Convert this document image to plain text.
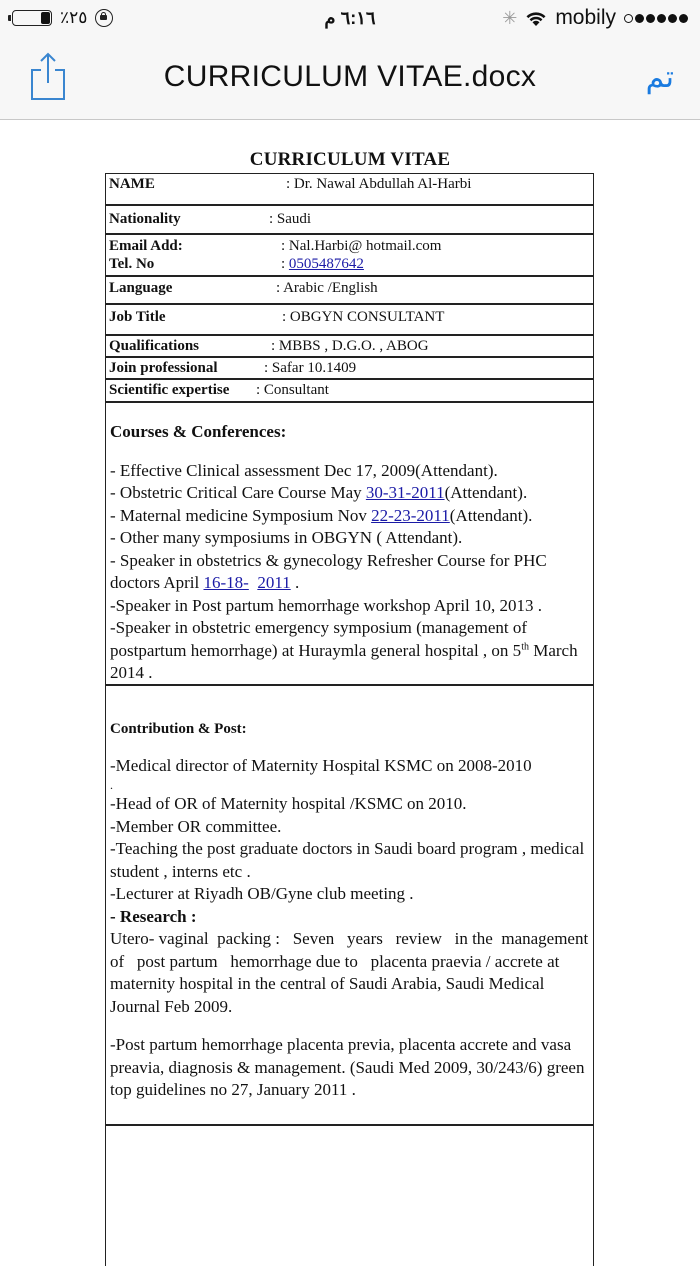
٪٢٥	٦:١٦ م	✳ mobily
CURRICULUM VITAE.docx	تم
CURRICULUM VITAE
NAME	: Dr. Nawal Abdullah Al-Harbi
Nationality	: Saudi
Email Add:	: Nal.Harbi@ hotmail.com
Tel. No	: 0505487642
Language	: Arabic /English
Job Title	: OBGYN CONSULTANT
Qualifications	: MBBS , D.G.O. , ABOG
Join professional	: Safar 10.1409
Scientific expertise : Consultant

Courses & Conferences:

- Effective Clinical assessment Dec 17, 2009(Attendant).

- Obstetric Critical Care Course May 30-31-2011(Attendant).

- Maternal medicine Symposium Nov 22-23-2011(Attendant).

- Other many symposiums in OBGYN ( Attendant).

- Speaker in obstetrics & gynecology Refresher Course for PHC doctors April 16-18- 2011 .

-Speaker in Post partum hemorrhage workshop April 10, 2013 .

-Speaker in obstetric emergency symposium (management of postpartum hemorrhage) at Huraymla general hospital , on 5th March 2014 .

Contribution & Post:

-Medical director of Maternity Hospital KSMC on 2008-2010

.

-Head of OR of Maternity hospital /KSMC on 2010.

-Member OR committee.

-Teaching the post graduate doctors in Saudi board program , medical student , interns etc .

-Lecturer at Riyadh OB/Gyne club meeting .

- Research :

Utero- vaginal  packing :   Seven   years   review   in the  management  of   post partum   hemorrhage due to   placenta praevia / accrete at maternity hospital in the central of Saudi Arabia, Saudi Medical Journal Feb 2009.

-Post partum hemorrhage placenta previa, placenta accrete and vasa preavia, diagnosis & management. (Saudi Med 2009, 30/243/6) green top guidelines no 27, January 2011 .
